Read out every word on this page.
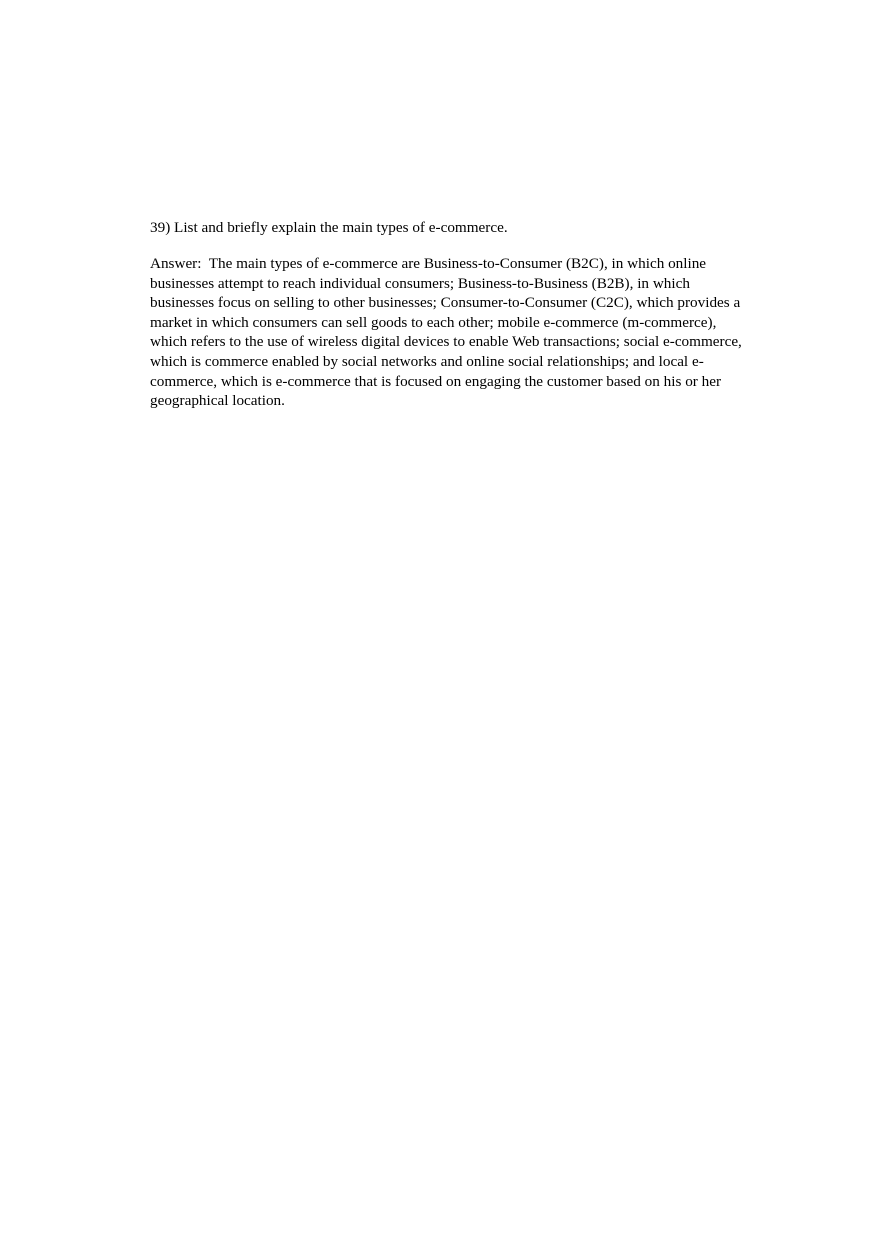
39) List and briefly explain the main types of e-commerce.
Answer:  The main types of e-commerce are Business-to-Consumer (B2C), in which online
businesses attempt to reach individual consumers; Business-to-Business (B2B), in which
businesses focus on selling to other businesses; Consumer-to-Consumer (C2C), which provides a
market in which consumers can sell goods to each other; mobile e-commerce (m-commerce),
which refers to the use of wireless digital devices to enable Web transactions; social e-commerce,
which is commerce enabled by social networks and online social relationships; and local e-
commerce, which is e-commerce that is focused on engaging the customer based on his or her
geographical location.
